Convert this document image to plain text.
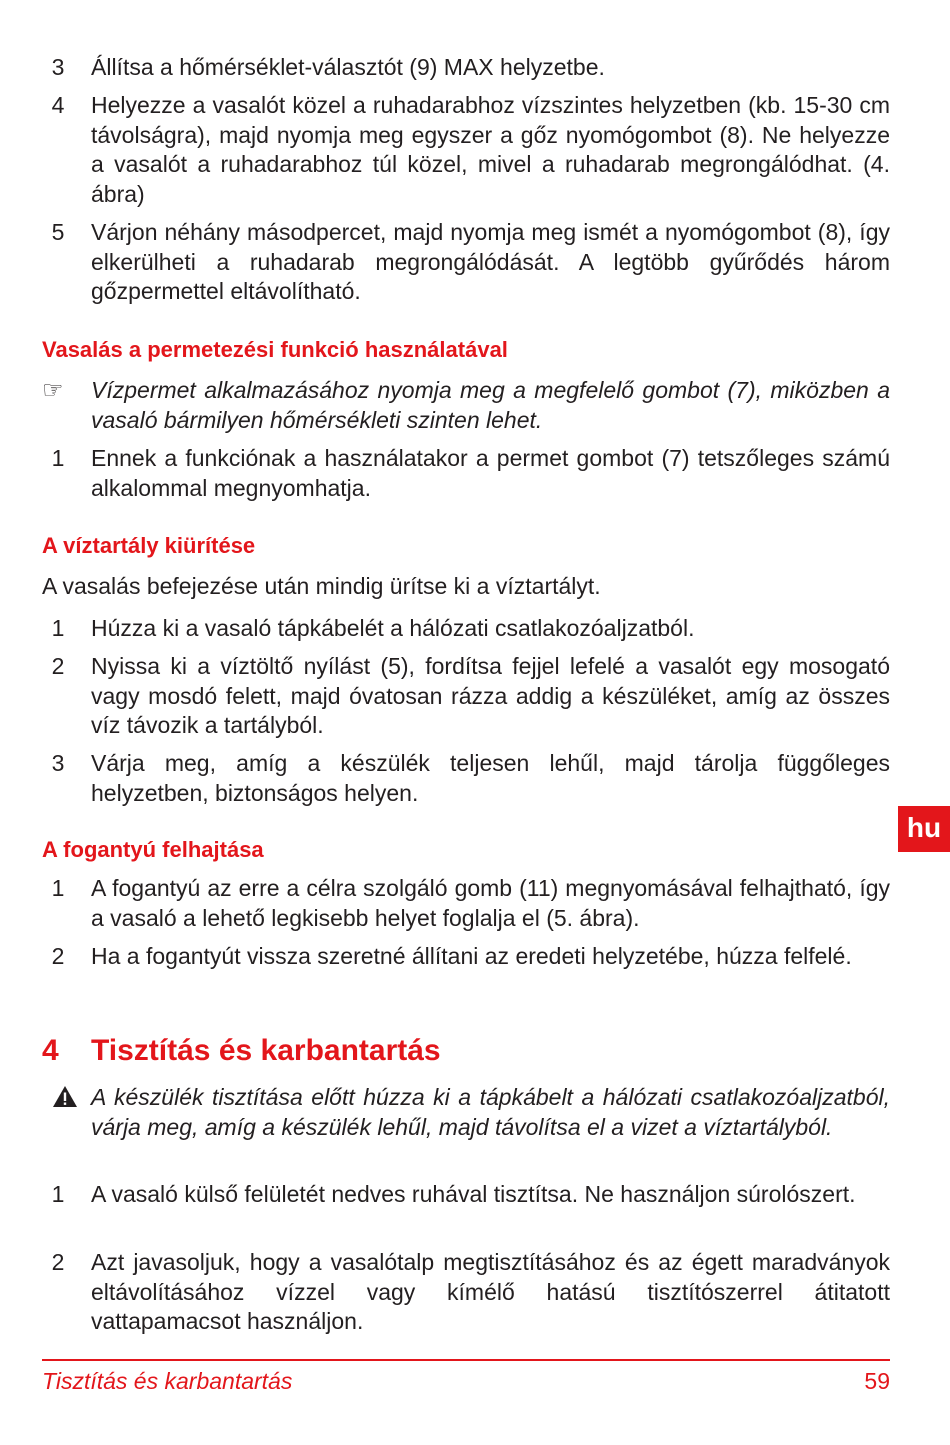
3	Állítsa a hőmérséklet-választót (9) MAX helyzetbe.
4	Helyezze a vasalót közel a ruhadarabhoz vízszintes helyzetben (kb. 15-30 cm távolságra), majd nyomja meg egyszer a gőz nyomógombot (8). Ne helyezze a vasalót a ruhadarabhoz túl közel, mivel a ruhadarab megrongálódhat. (4. ábra)
5	Várjon néhány másodpercet, majd nyomja meg ismét a nyomógombot (8), így elkerülheti a ruhadarab megrongálódását. A legtöbb gyűrődés három gőzpermettel eltávolítható.
Vasalás a permetezési funkció használatával
☞ Vízpermet alkalmazásához nyomja meg a megfelelő gombot (7), miközben a vasaló bármilyen hőmérsékleti szinten lehet.
1	Ennek a funkciónak a használatakor a permet gombot (7) tetszőleges számú alkalommal megnyomhatja.
A víztartály kiürítése
A vasalás befejezése után mindig ürítse ki a víztartályt.
1	Húzza ki a vasaló tápkábelét a hálózati csatlakozóaljzatból.
2	Nyissa ki a víztöltő nyílást (5), fordítsa fejjel lefelé a vasalót egy mosogató vagy mosdó felett, majd óvatosan rázza addig a készüléket, amíg az összes víz távozik a tartályból.
3	Várja meg, amíg a készülék teljesen lehűl, majd tárolja függőleges helyzetben, biztonságos helyen.
hu
A fogantyú felhajtása
1	A fogantyú az erre a célra szolgáló gomb (11) megnyomásával felhajtható, így a vasaló a lehető legkisebb helyet foglalja el (5. ábra).
2	Ha a fogantyút vissza szeretné állítani az eredeti helyzetébe, húzza felfelé.
4 Tisztítás és karbantartás
A készülék tisztítása előtt húzza ki a tápkábelt a hálózati csatlakozóaljzatból, várja meg, amíg a készülék lehűl, majd távolítsa el a vizet a víztartályból.
1	A vasaló külső felületét nedves ruhával tisztítsa. Ne használjon súrolószert.
2	Azt javasoljuk, hogy a vasalótalp megtisztításához és az égett maradványok eltávolításához vízzel vagy kímélő hatású tisztítószerrel átitatott vattapamacsot használjon.
Tisztítás és karbantartás	59
